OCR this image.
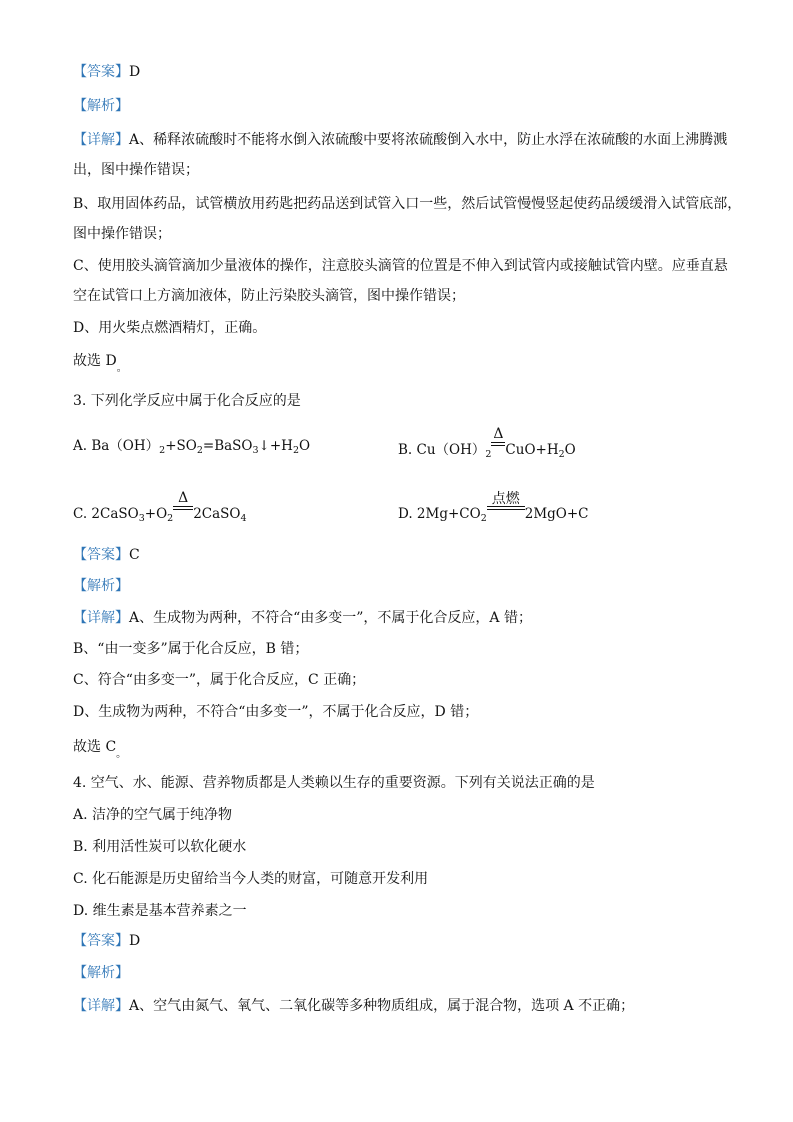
【答案】D
【解析】
【详解】A、稀释浓硫酸时不能将水倒入浓硫酸中要将浓硫酸倒入水中，防止水浮在浓硫酸的水面上沸腾溅
出，图中操作错误；
B、取用固体药品，试管横放用药匙把药品送到试管入口一些，然后试管慢慢竖起使药品缓缓滑入试管底部，
图中操作错误；
C、使用胶头滴管滴加少量液体的操作，注意胶头滴管的位置是不伸入到试管内或接触试管内壁。应垂直悬
空在试管口上方滴加液体，防止污染胶头滴管，图中操作错误；
D、用火柴点燃酒精灯，正确。
故选 $D_。$
3. 下列化学反应中属于化合反应的是
A. $Ba(OH)_2+SO_2=BaSO_3↓+H_2O$	B. $Cu(OH)_2$
Δ
$CuO+H_2O$
C. $2CaSO_3+O_2$
Δ
2CaSO$_4$	D. $2Mg+CO_2$
点燃
2MgO+C
【答案】C
【解析】
【详解】A、生成物为两种，不符合“由多变一”，不属于化合反应，A 错；
B、“由一变多”属于化合反应，B 错；
C、符合“由多变一”，属于化合反应，C 正确；
D、生成物为两种，不符合“由多变一”，不属于化合反应，D 错；
故选 $C_。$
4. 空气、水、能源、营养物质都是人类赖以生存的重要资源。下列有关说法正确的是
A. 洁净的空气属于纯净物
B. 利用活性炭可以软化硬水
C. 化石能源是历史留给当今人类的财富，可随意开发利用
D. 维生素是基本营养素之一
【答案】D
【解析】
【详解】A、空气由氮气、氧气、二氧化碳等多种物质组成，属于混合物，选项 A 不正确；
